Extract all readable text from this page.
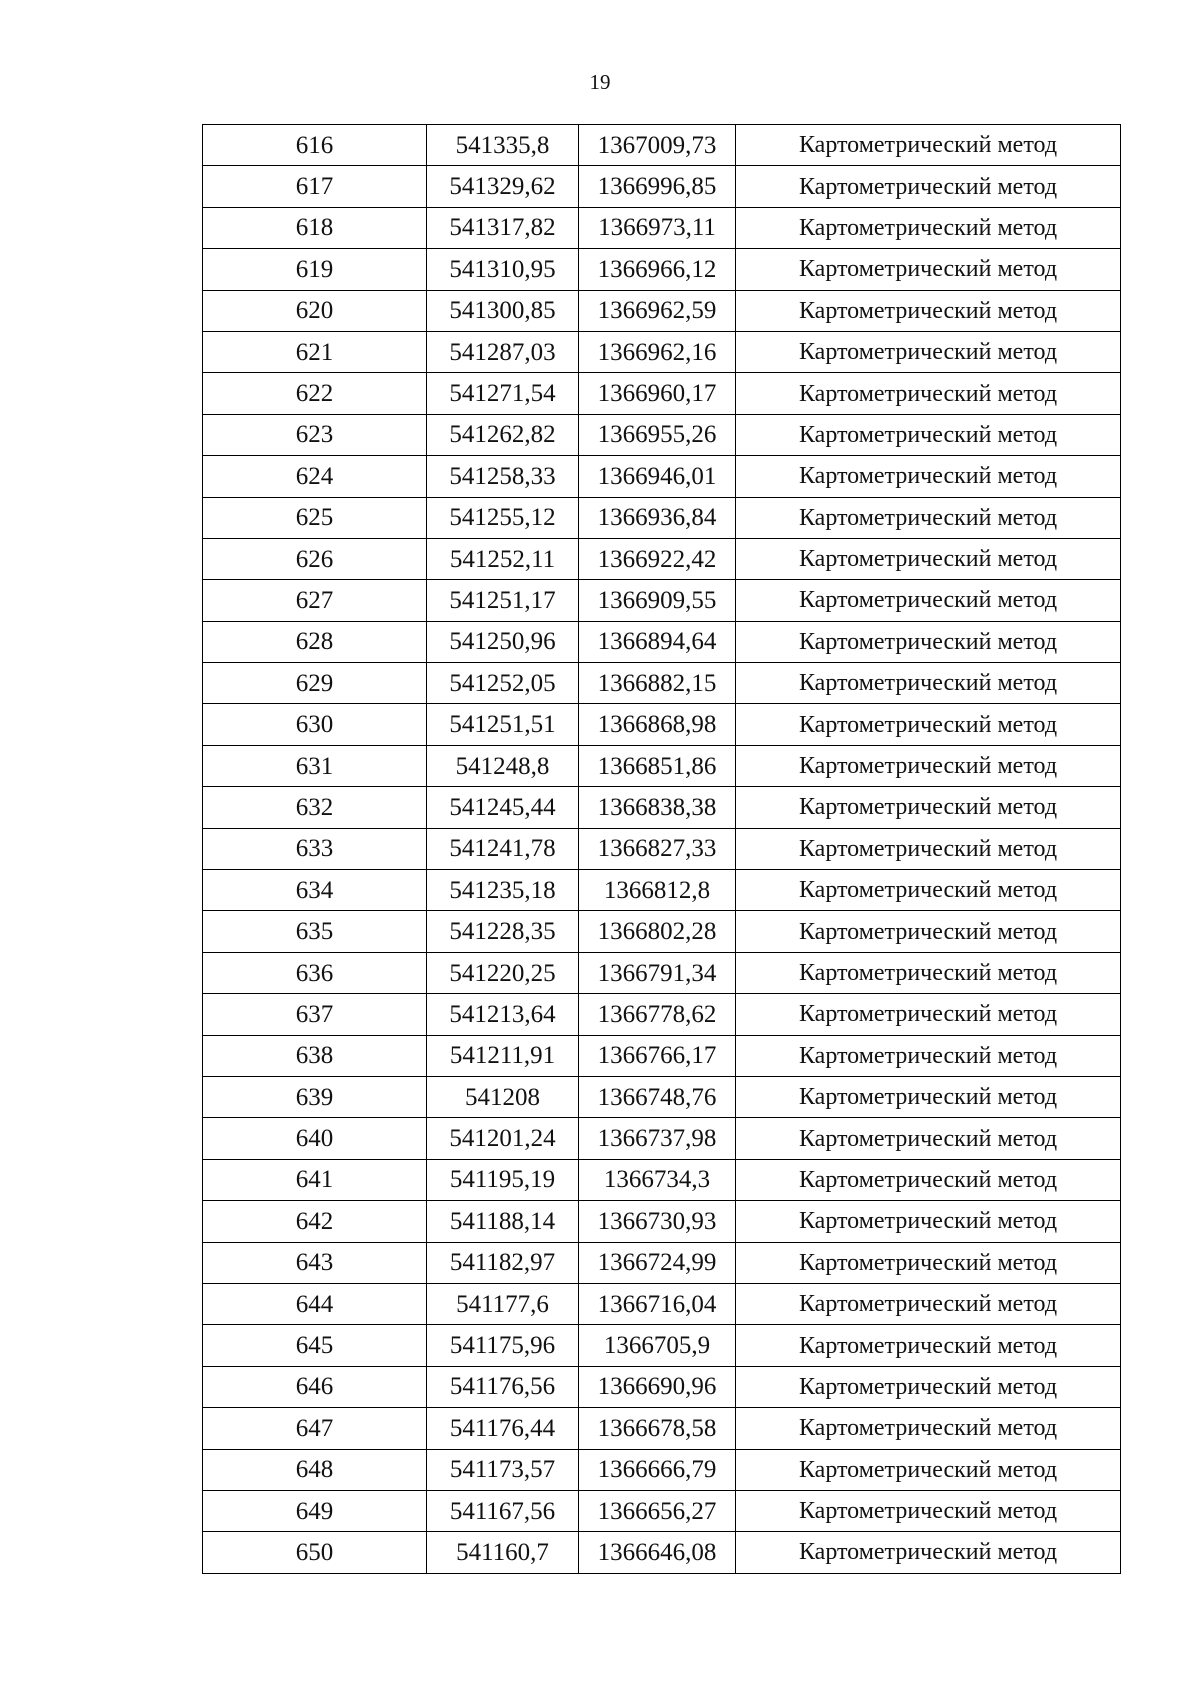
19
616	541335,8	1367009,73	Картометрический метод
617	541329,62	1366996,85	Картометрический метод
618	541317,82	1366973,11	Картометрический метод
619	541310,95	1366966,12	Картометрический метод
620	541300,85	1366962,59	Картометрический метод
621	541287,03	1366962,16	Картометрический метод
622	541271,54	1366960,17	Картометрический метод
623	541262,82	1366955,26	Картометрический метод
624	541258,33	1366946,01	Картометрический метод
625	541255,12	1366936,84	Картометрический метод
626	541252,11	1366922,42	Картометрический метод
627	541251,17	1366909,55	Картометрический метод
628	541250,96	1366894,64	Картометрический метод
629	541252,05	1366882,15	Картометрический метод
630	541251,51	1366868,98	Картометрический метод
631	541248,8	1366851,86	Картометрический метод
632	541245,44	1366838,38	Картометрический метод
633	541241,78	1366827,33	Картометрический метод
634	541235,18	1366812,8	Картометрический метод
635	541228,35	1366802,28	Картометрический метод
636	541220,25	1366791,34	Картометрический метод
637	541213,64	1366778,62	Картометрический метод
638	541211,91	1366766,17	Картометрический метод
639	541208	1366748,76	Картометрический метод
640	541201,24	1366737,98	Картометрический метод
641	541195,19	1366734,3	Картометрический метод
642	541188,14	1366730,93	Картометрический метод
643	541182,97	1366724,99	Картометрический метод
644	541177,6	1366716,04	Картометрический метод
645	541175,96	1366705,9	Картометрический метод
646	541176,56	1366690,96	Картометрический метод
647	541176,44	1366678,58	Картометрический метод
648	541173,57	1366666,79	Картометрический метод
649	541167,56	1366656,27	Картометрический метод
650	541160,7	1366646,08	Картометрический метод
